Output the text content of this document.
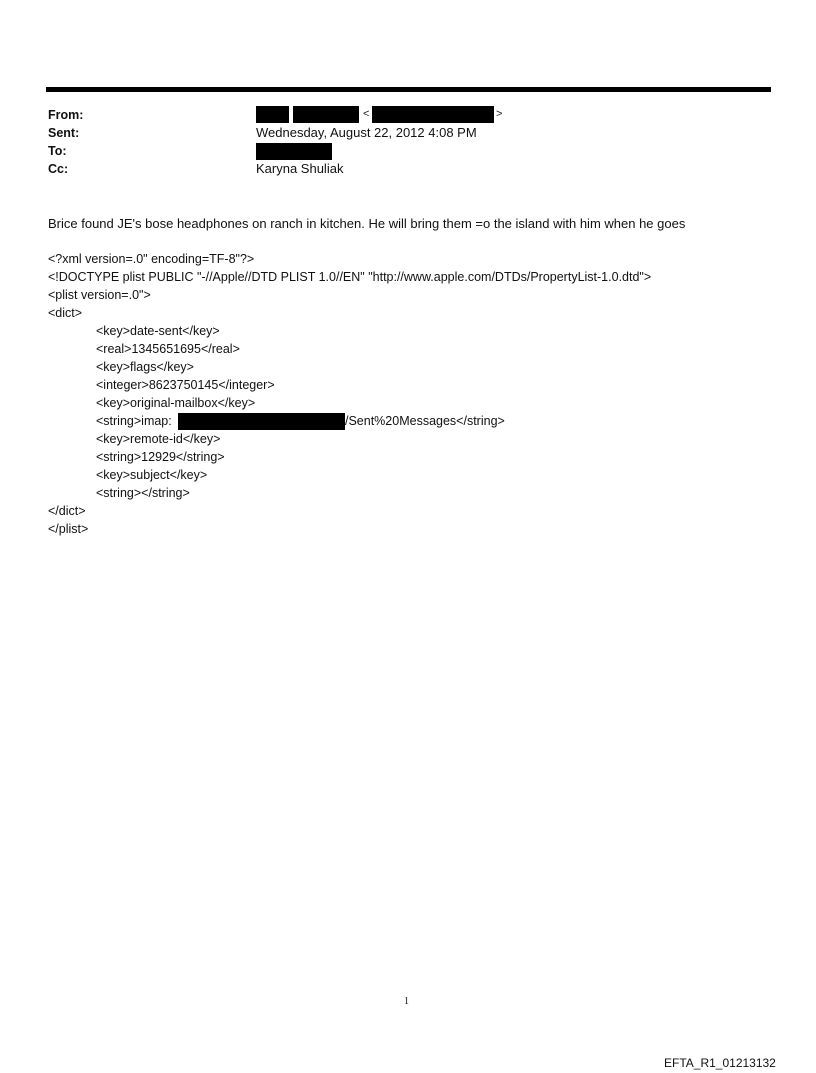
From:
Sent:
To:
Cc:
<	>
Wednesday, August 22, 2012 4:08 PM
Karyna Shuliak
Brice found JE's bose headphones on ranch in kitchen. He will bring them =o the island with him when he goes
<?xml version=.0" encoding=TF-8"?>
<!DOCTYPE plist PUBLIC "-//Apple//DTD PLIST 1.0//EN" "http://www.apple.com/DTDs/PropertyList-1.0.dtd">
<plist version=.0">
<dict>
<key>date-sent</key>
<real>1345651695</real>
<key>flags</key>
<integer>8623750145</integer>
<key>original-mailbox</key>
<string>imap:	/Sent%20Messages</string>
<key>remote-id</key>
<string>12929</string>
<key>subject</key>
<string></string>
</dict>
</plist>
1
EFTA_R1_01213132
